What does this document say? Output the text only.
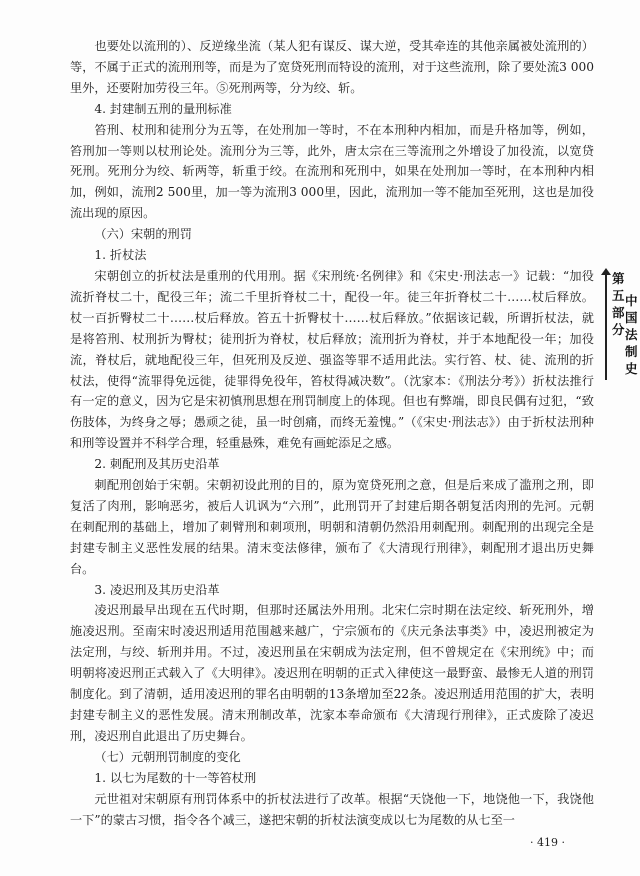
也要处以流刑的）、反逆缘坐流（某人犯有谋反、谋大逆，受其牵连的其他亲属被处流刑的）等，不属于正式的流刑刑等，而是为了宽贷死刑而特设的流刑，对于这些流刑，除了要处流3 000里外，还要附加劳役三年。⑤死刑两等，分为绞、斩。

4. 封建制五刑的量刑标准

笞刑、杖刑和徒刑分为五等，在处刑加一等时，不在本刑种内相加，而是升格加等，例如，笞刑加一等则以杖刑论处。流刑分为三等，此外，唐太宗在三等流刑之外增设了加役流，以宽贷死刑。死刑分为绞、斩两等，斩重于绞。在流刑和死刑中，如果在处刑加一等时，在本刑种内相加，例如，流刑2 500里，加一等为流刑3 000里，因此，流刑加一等不能加至死刑，这也是加役流出现的原因。

（六）宋朝的刑罚

1. 折杖法

宋朝创立的折杖法是重刑的代用刑。据《宋刑统·名例律》和《宋史·刑法志一》记载：“加役流折脊杖二十，配役三年；流二千里折脊杖二十，配役一年。徒三年折脊杖二十……杖后释放。杖一百折臀杖二十……杖后释放。笞五十折臀杖十……杖后释放。”依据该记载，所谓折杖法，就是将笞刑、杖刑折为臀杖；徒刑折为脊杖，杖后释放；流刑折为脊杖，并于本地配役一年；加役流，脊杖后，就地配役三年，但死刑及反逆、强盗等罪不适用此法。实行笞、杖、徒、流刑的折杖法，使得“流罪得免远徙，徒罪得免役年，笞杖得减决数”。（沈家本：《刑法分考》）折杖法推行有一定的意义，因为它是宋初慎刑思想在刑罚制度上的体现。但也有弊端，即良民偶有过犯，“致伤肢体，为终身之辱；愚顽之徒，虽一时创痛，而终无羞愧。”（《宋史·刑法志》）由于折杖法刑种和刑等设置并不科学合理，轻重悬殊，难免有画蛇添足之感。

2. 刺配刑及其历史沿革

刺配刑创始于宋朝。宋朝初设此刑的目的，原为宽贷死刑之意，但是后来成了滥刑之刑，即复活了肉刑，影响恶劣，被后人讥讽为“六刑”，此刑罚开了封建后期各朝复活肉刑的先河。元朝在刺配刑的基础上，增加了刺臂刑和刺项刑，明朝和清朝仍然沿用刺配刑。刺配刑的出现完全是封建专制主义恶性发展的结果。清末变法修律，颁布了《大清现行刑律》，刺配刑才退出历史舞台。

3. 凌迟刑及其历史沿革

凌迟刑最早出现在五代时期，但那时还属法外用刑。北宋仁宗时期在法定绞、斩死刑外，增施凌迟刑。至南宋时凌迟刑适用范围越来越广，宁宗颁布的《庆元条法事类》中，凌迟刑被定为法定刑，与绞、斩刑并用。不过，凌迟刑虽在宋朝成为法定刑，但不曾规定在《宋刑统》中；而明朝将凌迟刑正式载入了《大明律》。凌迟刑在明朝的正式入律使这一最野蛮、最惨无人道的刑罚制度化。到了清朝，适用凌迟刑的罪名由明朝的13条增加至22条。凌迟刑适用范围的扩大，表明封建专制主义的恶性发展。清末刑制改革，沈家本奉命颁布《大清现行刑律》，正式废除了凌迟刑，凌迟刑自此退出了历史舞台。

（七）元朝刑罚制度的变化

1. 以七为尾数的十一等笞杖刑

元世祖对宋朝原有刑罚体系中的折杖法进行了改革。根据“天饶他一下，地饶他一下，我饶他一下”的蒙古习惯，指令各个减三，遂把宋朝的折杖法演变成以七为尾数的从七至一

第五部分
中国法制史
· 419 ·
